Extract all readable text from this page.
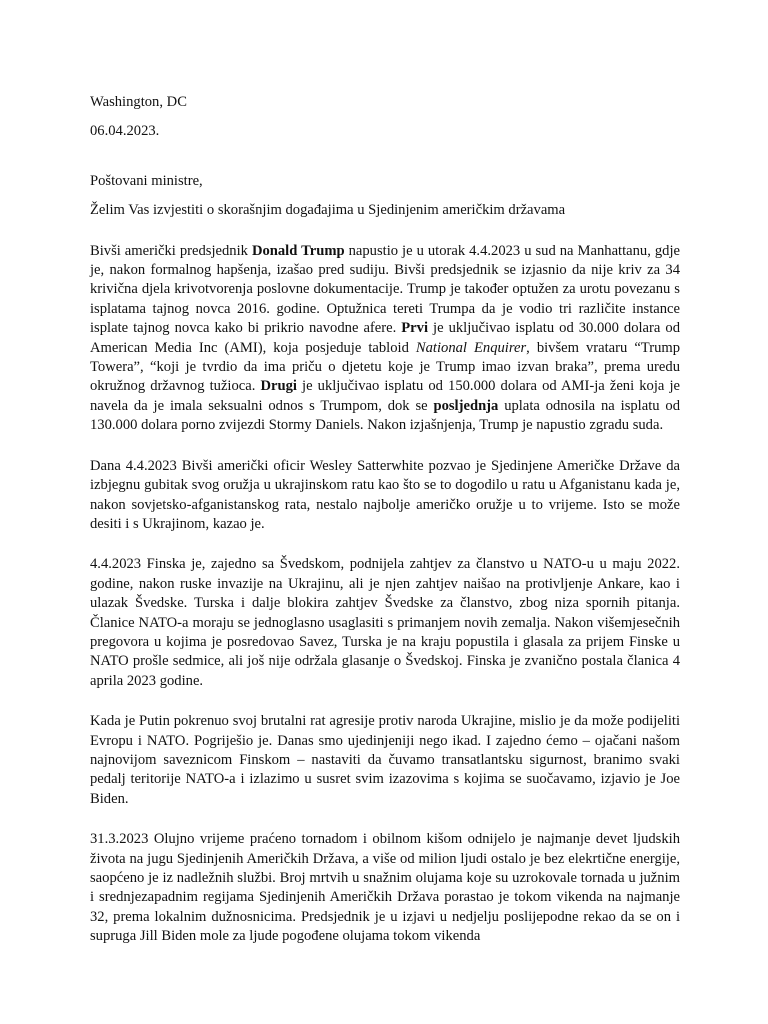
Washington, DC

06.04.2023.

Poštovani ministre,

Želim Vas izvjestiti o skorašnjim događajima u Sjedinjenim američkim državama

Bivši američki predsjednik Donald Trump napustio je u utorak 4.4.2023 u sud na Manhattanu, gdje je, nakon formalnog hapšenja, izašao pred sudiju. Bivši predsjednik se izjasnio da nije kriv za 34 krivična djela krivotvorenja poslovne dokumentacije. Trump je također optužen za urotu povezanu s isplatama tajnog novca 2016. godine. Optužnica tereti Trumpa da je vodio tri različite instance isplate tajnog novca kako bi prikrio navodne afere. Prvi je uključivao isplatu od 30.000 dolara od American Media Inc (AMI), koja posjeduje tabloid National Enquirer, bivšem vrataru “Trump Towera”, “koji je tvrdio da ima priču o djetetu koje je Trump imao izvan braka”, prema uredu okružnog državnog tužioca. Drugi je uključivao isplatu od 150.000 dolara od AMI-ja ženi koja je navela da je imala seksualni odnos s Trumpom, dok se posljednja uplata odnosila na isplatu od 130.000 dolara porno zvijezdi Stormy Daniels. Nakon izjašnjenja, Trump je napustio zgradu suda.

Dana 4.4.2023 Bivši američki oficir Wesley Satterwhite pozvao je Sjedinjene Američke Države da izbjegnu gubitak svog oružja u ukrajinskom ratu kao što se to dogodilo u ratu u Afganistanu kada je, nakon sovjetsko-afganistanskog rata, nestalo najbolje američko oružje u to vrijeme. Isto se može desiti i s Ukrajinom, kazao je.

4.4.2023 Finska je, zajedno sa Švedskom, podnijela zahtjev za članstvo u NATO-u u maju 2022. godine, nakon ruske invazije na Ukrajinu, ali je njen zahtjev naišao na protivljenje Ankare, kao i ulazak Švedske. Turska i dalje blokira zahtjev Švedske za članstvo, zbog niza spornih pitanja. Članice NATO-a moraju se jednoglasno usaglasiti s primanjem novih zemalja. Nakon višemjesečnih pregovora u kojima je posredovao Savez, Turska je na kraju popustila i glasala za prijem Finske u NATO prošle sedmice, ali još nije održala glasanje o Švedskoj. Finska je zvanično postala članica 4 aprila 2023 godine.

Kada je Putin pokrenuo svoj brutalni rat agresije protiv naroda Ukrajine, mislio je da može podijeliti Evropu i NATO. Pogriješio je. Danas smo ujedinjeniji nego ikad. I zajedno ćemo – ojačani našom najnovijom saveznicom Finskom – nastaviti da čuvamo transatlantsku sigurnost, branimo svaki pedalj teritorije NATO-a i izlazimo u susret svim izazovima s kojima se suočavamo, izjavio je Joe Biden.

31.3.2023 Olujno vrijeme praćeno tornadom i obilnom kišom odnijelo je najmanje devet ljudskih života na jugu Sjedinjenih Američkih Država, a više od milion ljudi ostalo je bez elekrtične energije, saopćeno je iz nadležnih službi. Broj mrtvih u snažnim olujama koje su uzrokovale tornada u južnim i srednjezapadnim regijama Sjedinjenih Američkih Država porastao je tokom vikenda na najmanje 32, prema lokalnim dužnosnicima. Predsjednik je u izjavi u nedjelju poslijepodne rekao da se on i supruga Jill Biden mole za ljude pogođene olujama tokom vikenda
